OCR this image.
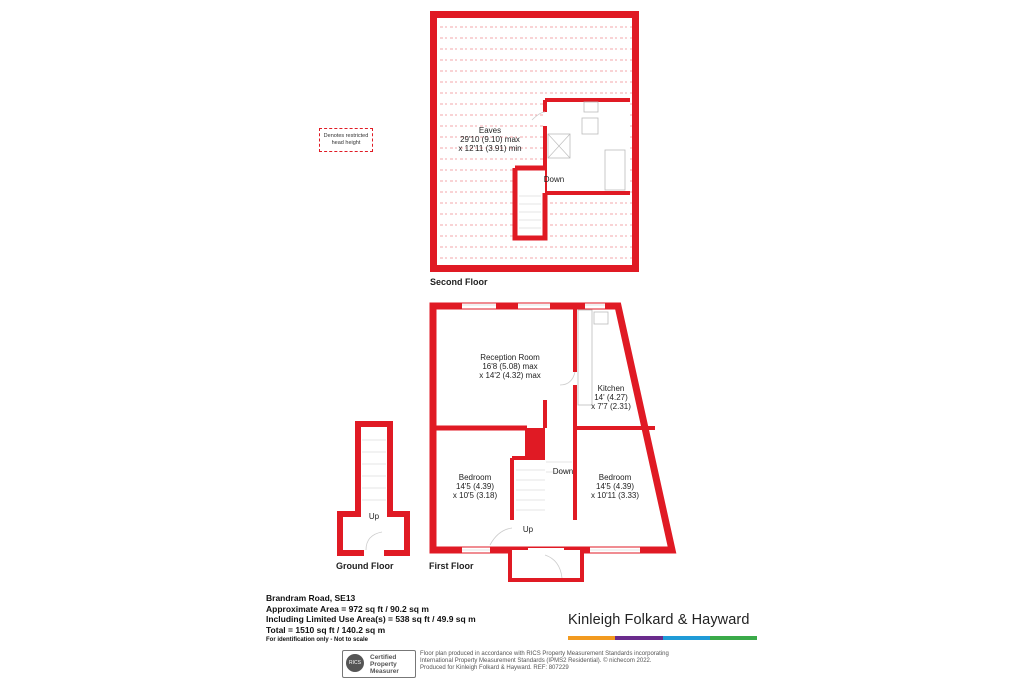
Denotes restricted head height
Eaves
29'10 (9.10) max
x 12'11 (3.91) min
Down
Reception Room
16'8 (5.08) max
x 14'2 (4.32) max
Kitchen
14' (4.27)
x 7'7 (2.31)
Bedroom
14'5 (4.39)
x 10'5 (3.18)
Bedroom
14'5 (4.39)
x 10'11 (3.33)
Down
Up
Up
Second Floor
First Floor
Ground Floor
Brandram Road, SE13
Approximate Area = 972 sq ft / 90.2 sq m
Including Limited Use Area(s) = 538 sq ft / 49.9 sq m
Total = 1510 sq ft / 140.2 sq m
For identification only - Not to scale
Kinleigh Folkard & Hayward
RICS
Certified
Property
Measurer
Floor plan produced in accordance with RICS Property Measurement Standards incorporating
International Property Measurement Standards (IPMS2 Residential). © nichecom 2022.
Produced for Kinleigh Folkard & Hayward. REF: 807229
